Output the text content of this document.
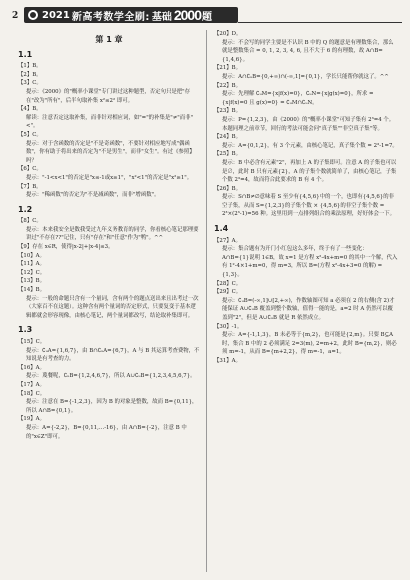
2 2021 新高考数学全刷: 基础 2000 题
第 1 章
1.1
【1】B。
【2】B。
【3】C。

提示：《2000》的"概率小课堂"专门讲过这种题型，否定句只是把"存在"改为"所有"，后半句取补集 x²≤2² 即可。

【4】B。

解读：注意否定这取补集，而非针对相应词，如"="的补集是"≠"而非"<"。

【5】C。

提示：对于含函数的否定是"不是奇函数"，不要针对相应地写成"偶函数"，你有助于将出来的否定为"不是男生"，而非"女生"。有过《参照】吗？

【6】C。

提示："-1<x<1"的否定是"x≤-1或x≥1"，"x²<1"的否定是"x²≥1"。

【7】B。

提示："稀函数"的否定为"不是减函数"，而非"增函数"。

1.2
【8】C。

提示：本来我安全是数我受过九年义务教育的同学，你看核心笔记那理要讲过"不存在??"记住，只有"存在"和"任意"作为"鸭"。^^

【9】存在 x∈R，使得|x-2|+|x-4|≤3。
【10】A。
【11】A。
【12】C。
【13】B。
【14】B。

提示：一般的命题只含有一个量词，含有两个的题点送出来且出考过一次（大家百不在这题）。这种含有两个量词的否定形式，只要复变于基本逻辑都就会形容现像，由核心笔记，两个量词都改写，结论取补集即可。

1.3
【15】C。

提示：∁ᵤA={1,6,7}，由 B∩∁ᵤA={6,7}，A 与 B 其运算考查费物，不知说是有考查的力。

【16】A。

提示：蔑餐呢，∁ᵤB={1,2,4,6,7}，所以 A∪∁ᵤB={1,2,3,4,5,6,7}。

【17】A。
【18】C。

提示：注意在 B={-1,2,3}，因为 B 的对象是整数，故而 B={0,11}，所以 A∩B={0,1}。

【19】A。

提示：A={-2,2}，B={0,11,…-16}，由 A∩B={-2}，注意 B 中的"x∈Z"即可。

【20】D。

提示：不会写的同学主要是不认识 B 中的 Q 的题意是有理数集合，那么就是整数集合 = 0, 1, 2, 3, 4, 6, 且不大于 6 的有理数，故 A∩B={1,4,6}。

【21】B。

提示：A∩∁ᵤB={0,+∞)∩(-∞,1]={0,1}，学长只能帮你就这了。^^

【22】B。

提示：先理解 ∁ᵤM={x|f(x)=0}，∁ᵤN={x|g(x)=0}，所求 = {x|f(x)=0 且 g(x)=0} = ∁ᵤM∩∁ᵤN。

【23】B。

提示：P={1,2,3}，由《2000》的"概率小课堂"可知子集有 2³=4 个。

本题同理之前章节，回行的考法可能会问"真子集""非空真子集"等。

【24】B。

提示：A={0,1,2}，有 3 个元素，由核心笔记，真子集个数 = 2³-1=7。

【25】B。

提示：B 中必含有元素"2"，再加上 A 的子集即可。注意 A 的子集也可以是∅，此时 B 只有元素{2}，A 的子集个数就简单了，由核心笔记，子集个数 2³=4，故而符合此要求的 B 有 4 个。

【26】B。

提示：S∩B≠∅意味着 S 至少有{4,5,6}中的一个，也即有{4,5,6}的非空子集，从而 S={1,2,3}的子集个数 × {4,5,6}的非空子集个数 = 2³×(2³-1)=56 种。这里用到一点排列组合的乘法原理，好好体会一下。

1.4
【27】A。

提示：集合题有为开门小红包这么多年，终于有了一些变化：

A∩B={1}说明 1∈B，故 x=1 是方程 x²-4x+m=0 的其中一个解，代入有 1²-4×1+m=0，得 m=3，所以 B=(方程 x²-4x+3=0 的解) = {1,3}。

【28】C。
【29】C。

提示：∁ᵤB=(-∞,1]∪[2,+∞)，作数轴图可知 a 必须在 2 的右侧(含 2)才能保证 A∪∁ᵤB 覆盖到整个数轴，值得一能的是，a=2 时 A 仍然可以覆盖到"2"，但是 A∪∁ᵤB 就是 R 依然成立。

【30】-1。

提示：A={-1,1,3}，B 未必等于{m,2}，也可能是{2,m}。只要 B⊆A 时，集合 B 中的 2 必须满足 2=3(m), 2=m+2，此时 B={m,2}，则必须 m=-1，从而 B={m+2,2}，得 m=-1，a=1。

【31】A。
